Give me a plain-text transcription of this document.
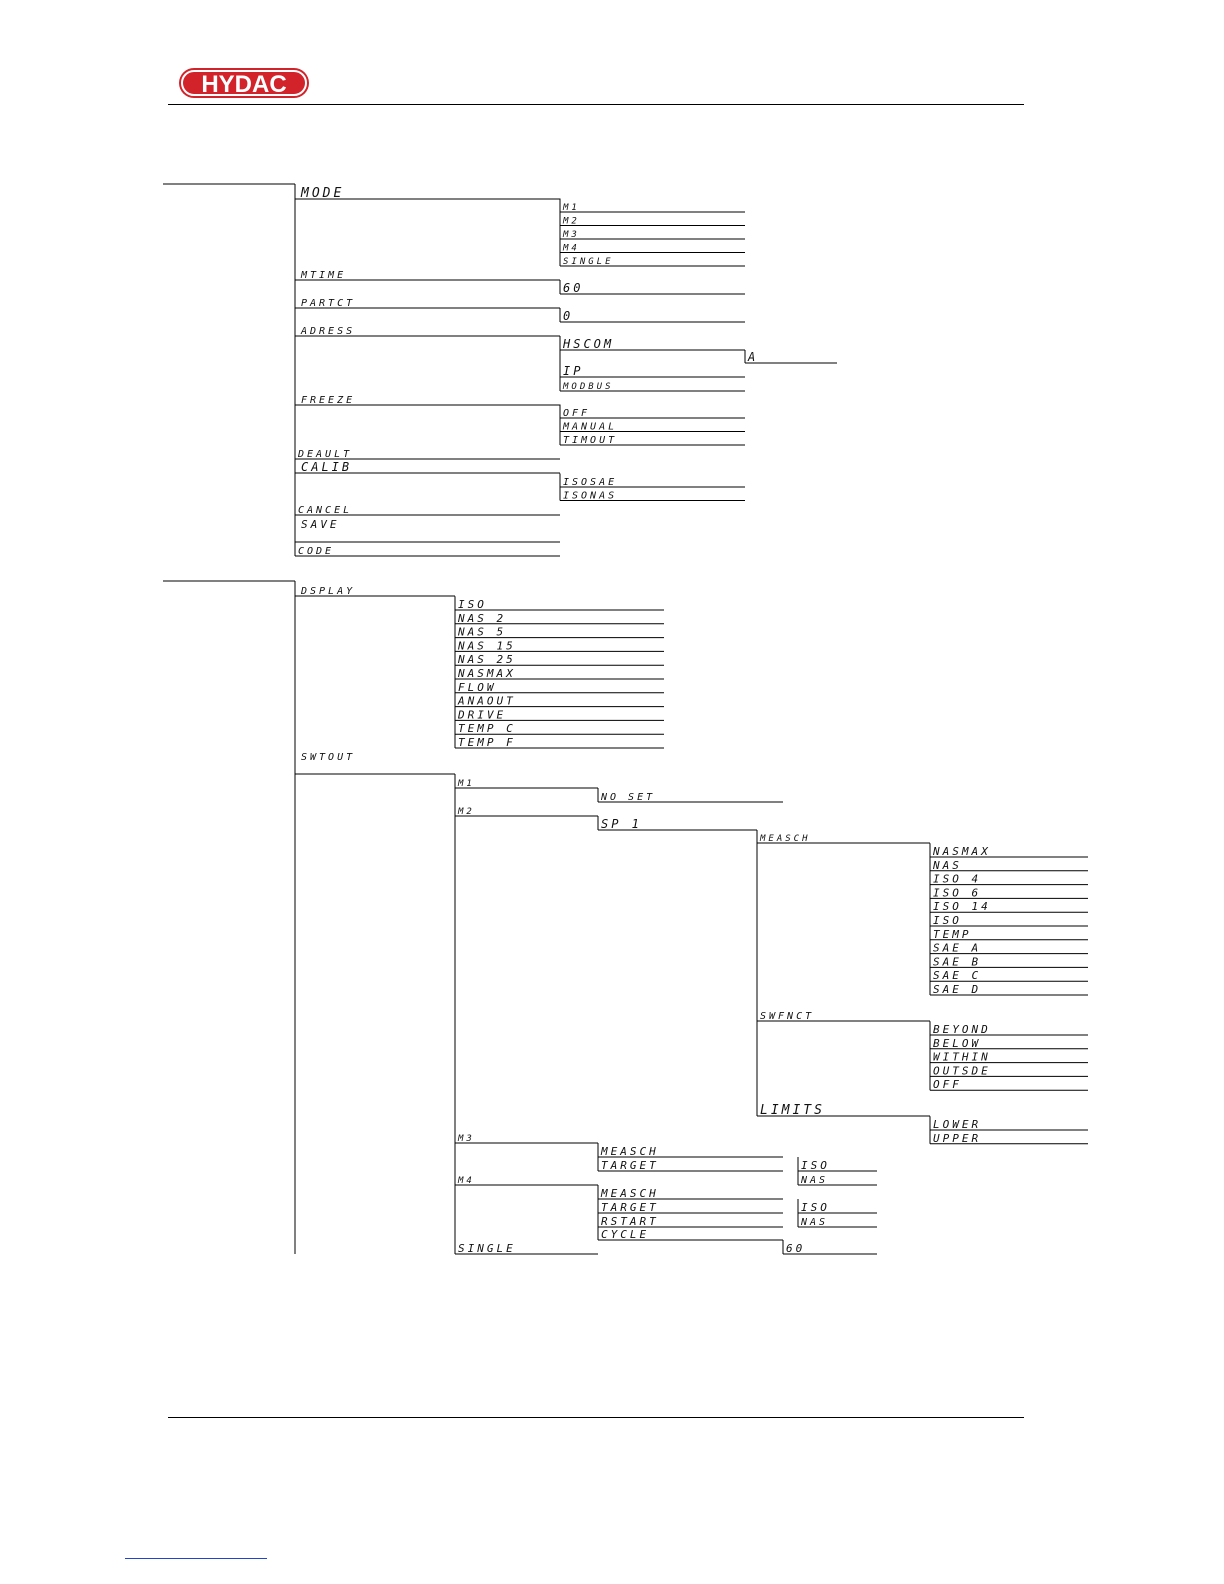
HYDAC
MODE
M1
M2
M3
M4
SINGLE
MTIME
60
PARTCT
0
ADRESS
HSCOM
IP
MODBUS
A
FREEZE
OFF
MANUAL
TIMOUT
DEAULT
CALIB
ISOSAE
ISONAS
CANCEL
SAVE
CODE
DSPLAY
ISO
NAS 2
NAS 5
NAS 15
NAS 25
NASMAX
FLOW
ANAOUT
DRIVE
TEMP C
TEMP F
SWTOUT
M1
NO SET
M2
SP 1
MEASCH
NASMAX
NAS
ISO 4
ISO 6
ISO 14
ISO
TEMP
SAE A
SAE B
SAE C
SAE D
SWFNCT
BEYOND
BELOW
WITHIN
OUTSDE
OFF
LIMITS
LOWER
UPPER
M3
MEASCH
TARGET	ISO
NAS
M4
MEASCH
TARGET
RSTART
CYCLE
ISO
NAS
60
SINGLE
